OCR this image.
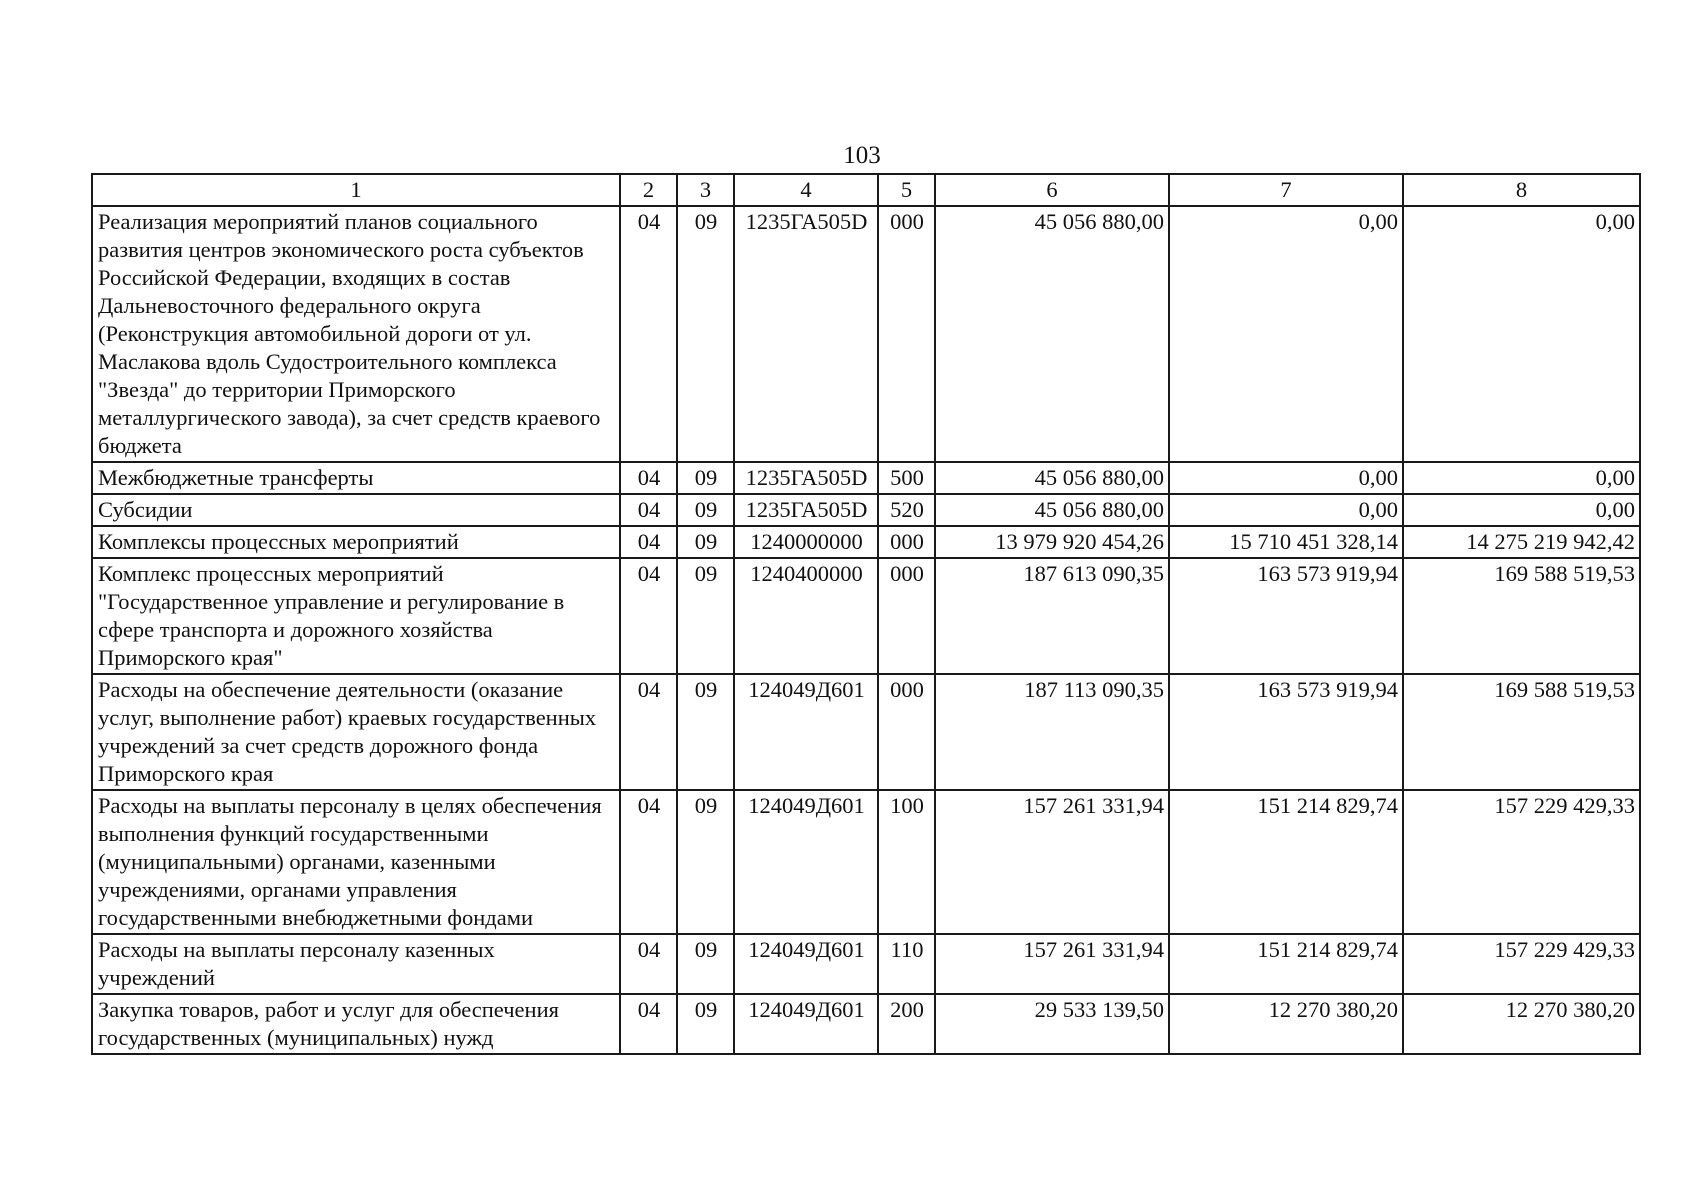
103
1	2	3	4	5	6	7	8
Реализация мероприятий планов социального развития центров экономического роста субъектов Российской Федерации, входящих в состав Дальневосточного федерального округа (Реконструкция автомобильной дороги от ул. Маслакова вдоль Судостроительного комплекса "Звезда" до территории Приморского металлургического завода), за счет средств краевого бюджета	04	09	1235ГА505D	000	45 056 880,00	0,00	0,00
Межбюджетные трансферты	04	09	1235ГА505D	500	45 056 880,00	0,00	0,00
Субсидии	04	09	1235ГА505D	520	45 056 880,00	0,00	0,00
Комплексы процессных мероприятий	04	09	1240000000	000	13 979 920 454,26	15 710 451 328,14	14 275 219 942,42
Комплекс процессных мероприятий "Государственное управление и регулирование в сфере транспорта и дорожного хозяйства Приморского края"	04	09	1240400000	000	187 613 090,35	163 573 919,94	169 588 519,53
Расходы на обеспечение деятельности (оказание услуг, выполнение работ) краевых государственных учреждений за счет средств дорожного фонда Приморского края	04	09	124049Д601	000	187 113 090,35	163 573 919,94	169 588 519,53
Расходы на выплаты персоналу в целях обеспечения выполнения функций государственными (муниципальными) органами, казенными учреждениями, органами управления государственными внебюджетными фондами	04	09	124049Д601	100	157 261 331,94	151 214 829,74	157 229 429,33
Расходы на выплаты персоналу казенных учреждений	04	09	124049Д601	110	157 261 331,94	151 214 829,74	157 229 429,33
Закупка товаров, работ и услуг для обеспечения государственных (муниципальных) нужд	04	09	124049Д601	200	29 533 139,50	12 270 380,20	12 270 380,20
